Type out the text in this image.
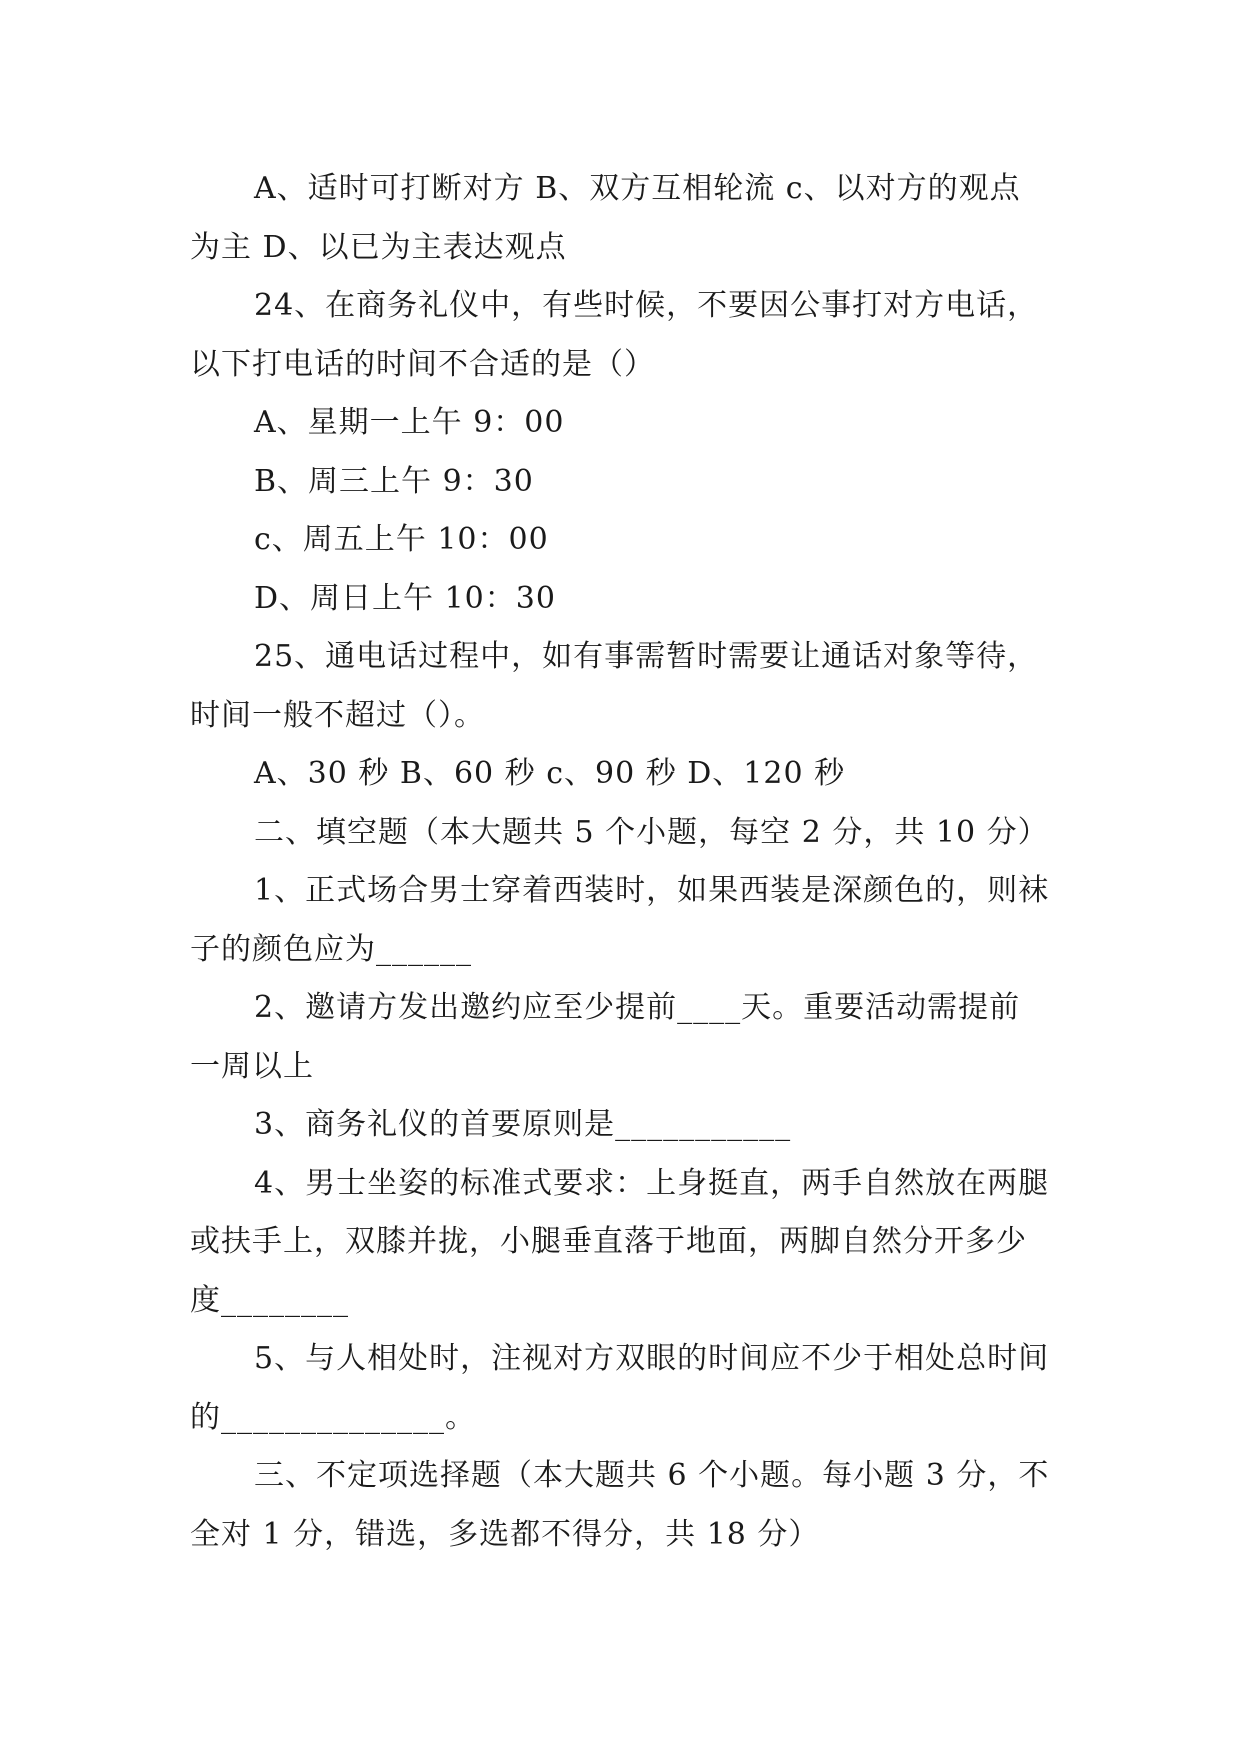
A、适时可打断对方 B、双方互相轮流 c、以对方的观点为主 D、以已为主表达观点

24、在商务礼仪中，有些时候，不要因公事打对方电话，以下打电话的时间不合适的是（）

A、星期一上午 9：00

B、周三上午 9：30

c、周五上午 10：00

D、周日上午 10：30

25、通电话过程中，如有事需暂时需要让通话对象等待，时间一般不超过（）。

A、30 秒 B、60 秒 c、90 秒 D、120 秒

二、填空题（本大题共 5 个小题，每空 2 分，共 10 分）

1、正式场合男士穿着西装时，如果西装是深颜色的，则袜子的颜色应为______

2、邀请方发出邀约应至少提前____天。重要活动需提前一周以上

3、商务礼仪的首要原则是___________

4、男士坐姿的标准式要求：上身挺直，两手自然放在两腿或扶手上，双膝并拢，小腿垂直落于地面，两脚自然分开多少度________

5、与人相处时，注视对方双眼的时间应不少于相处总时间的______________。

三、不定项选择题（本大题共 6 个小题。每小题 3 分，不全对 1 分，错选，多选都不得分，共 18 分）
